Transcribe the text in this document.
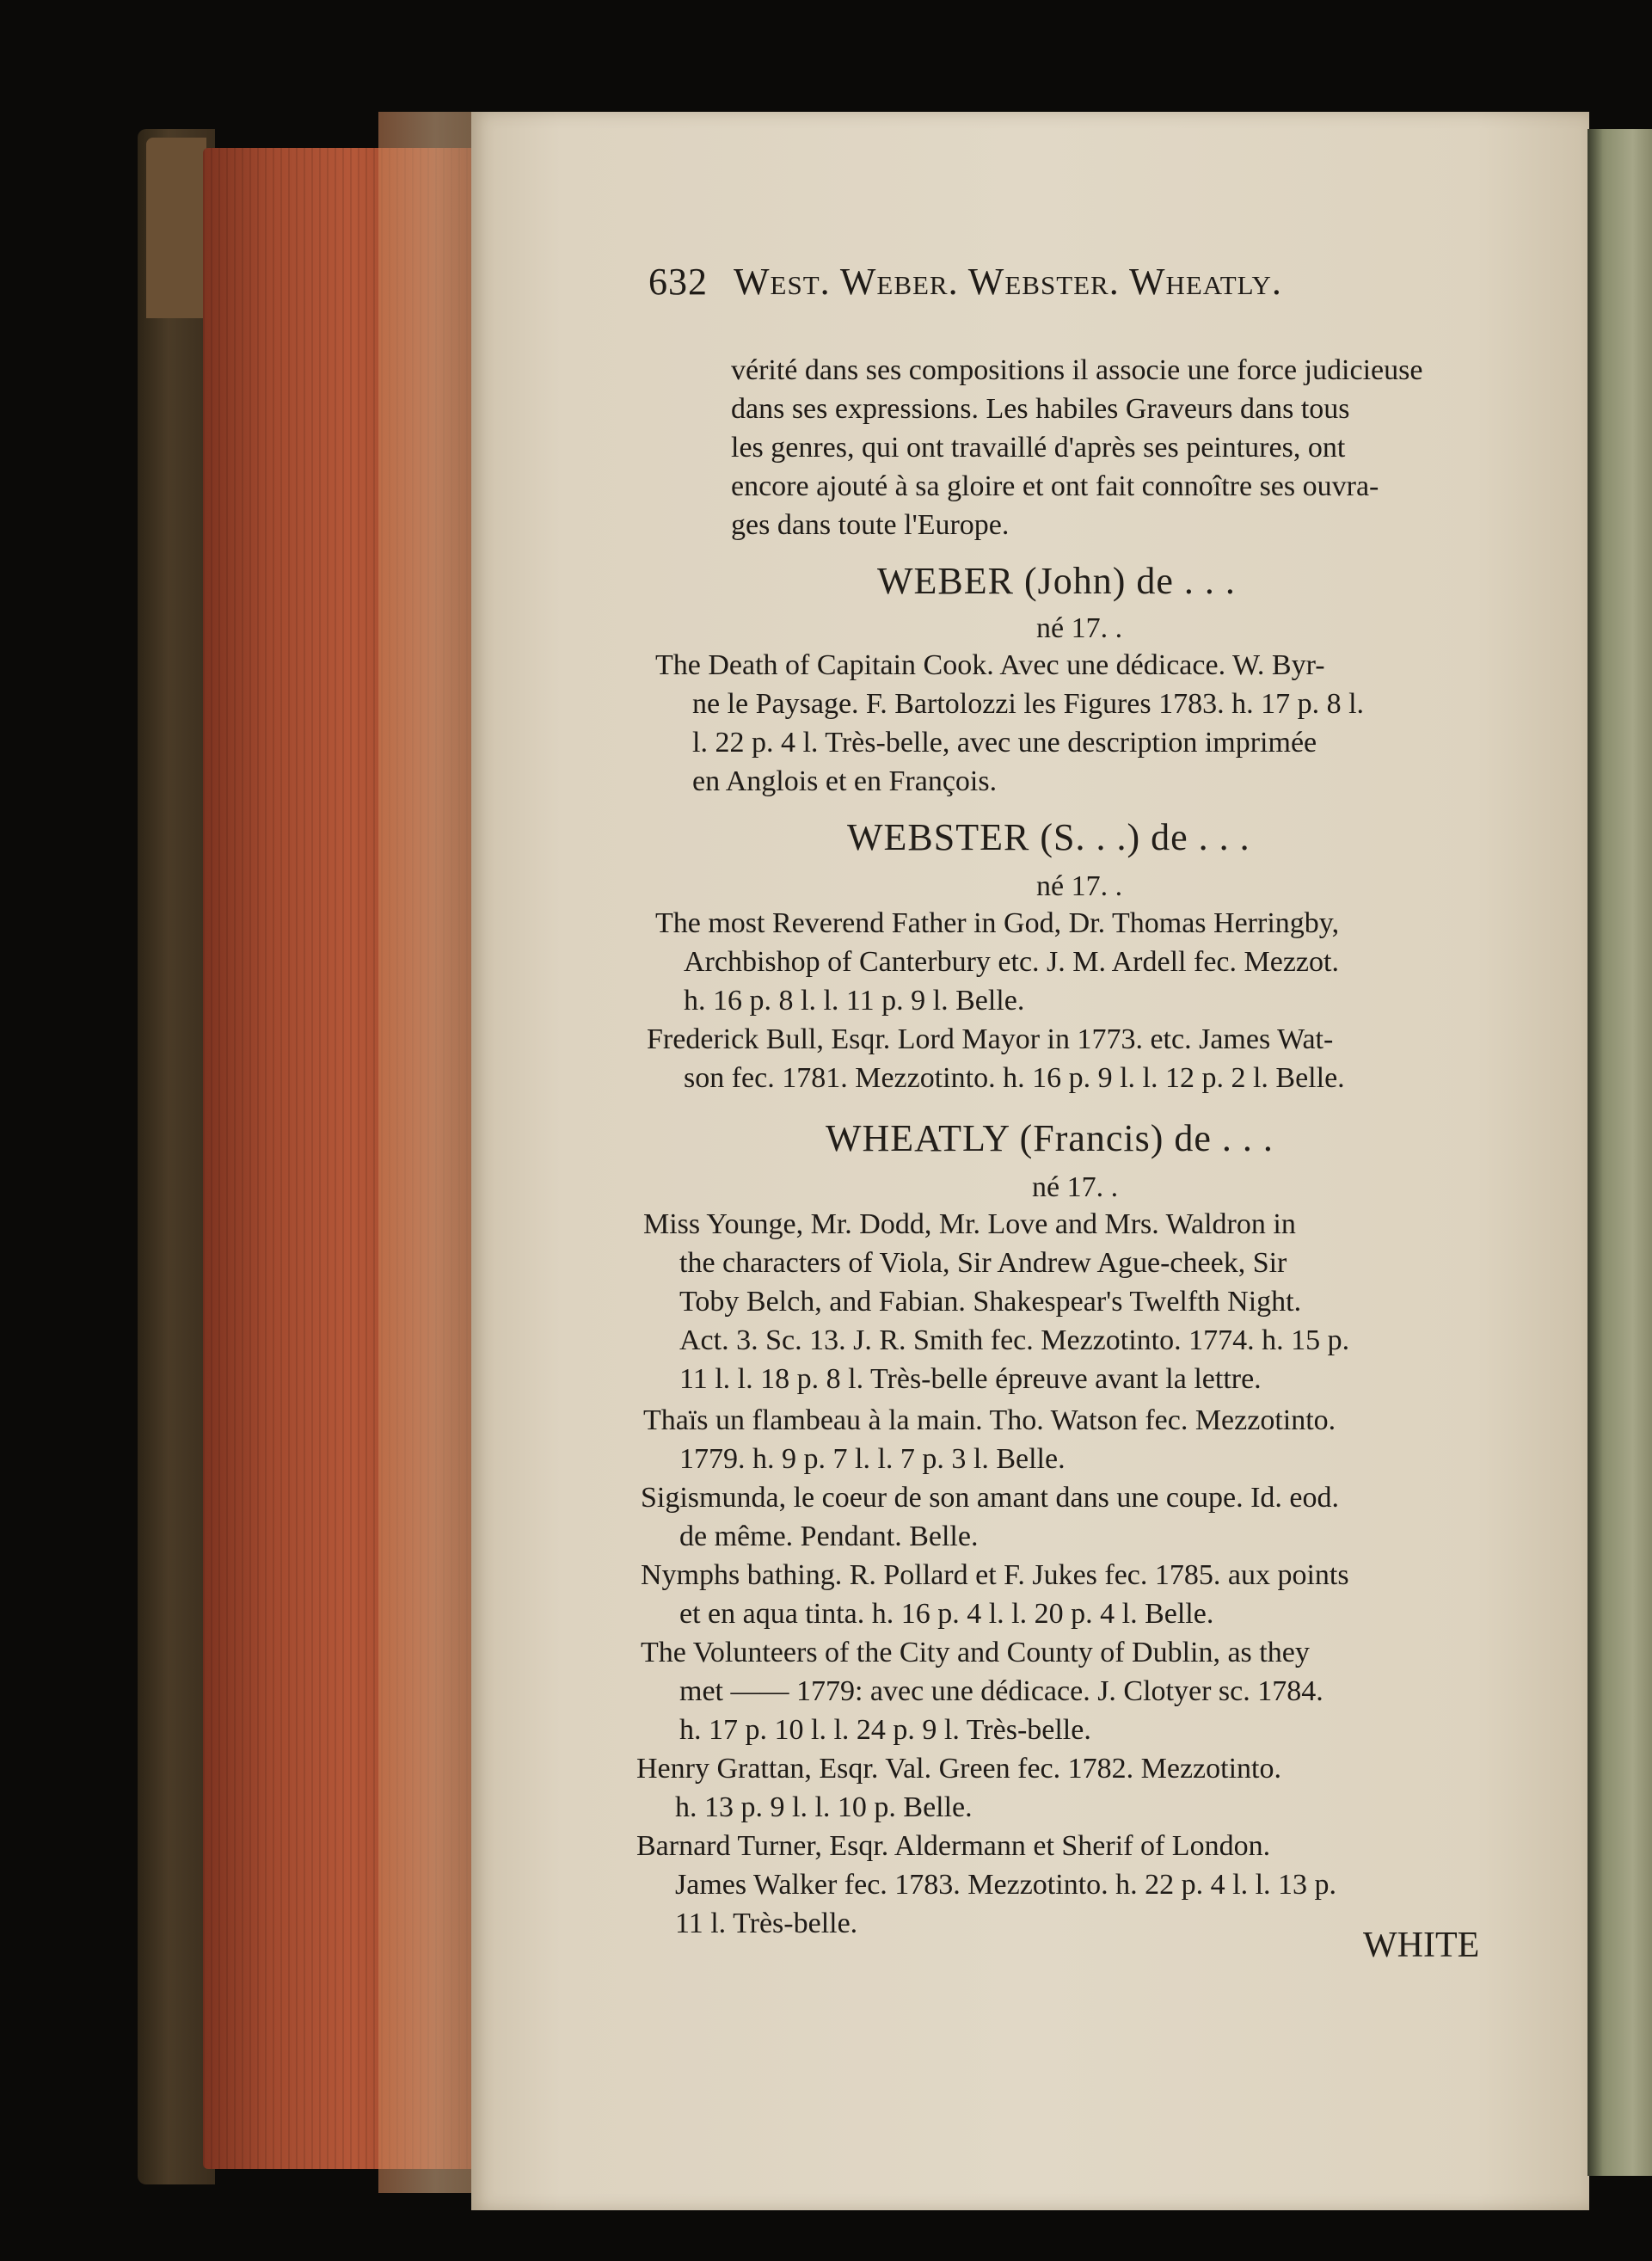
632 West. Weber. Webster. Wheatly.
vérité dans ses compositions il associe une force judicieuse
dans ses expressions. Les habiles Graveurs dans tous
les genres, qui ont travaillé d'après ses peintures, ont
encore ajouté à sa gloire et ont fait connoître ses ouvra-
ges dans toute l'Europe.
WEBER (John) de . . .
né 17. .
The Death of Capitain Cook. Avec une dédicace. W. Byr-
ne le Paysage. F. Bartolozzi les Figures 1783. h. 17 p. 8 l.
l. 22 p. 4 l. Très-belle, avec une description imprimée
en Anglois et en François.
WEBSTER (S. . .) de . . .
né 17. .
The most Reverend Father in God, Dr. Thomas Herringby,
Archbishop of Canterbury etc. J. M. Ardell fec. Mezzot.
h. 16 p. 8 l. l. 11 p. 9 l. Belle.
Frederick Bull, Esqr. Lord Mayor in 1773. etc. James Wat-
son fec. 1781. Mezzotinto. h. 16 p. 9 l. l. 12 p. 2 l. Belle.
WHEATLY (Francis) de . . .
né 17. .
Miss Younge, Mr. Dodd, Mr. Love and Mrs. Waldron in
the characters of Viola, Sir Andrew Ague-cheek, Sir
Toby Belch, and Fabian. Shakespear's Twelfth Night.
Act. 3. Sc. 13. J. R. Smith fec. Mezzotinto. 1774. h. 15 p.
11 l. l. 18 p. 8 l. Très-belle épreuve avant la lettre.
Thaïs un flambeau à la main. Tho. Watson fec. Mezzotinto.
1779. h. 9 p. 7 l. l. 7 p. 3 l. Belle.
Sigismunda, le coeur de son amant dans une coupe. Id. eod.
de même. Pendant. Belle.
Nymphs bathing. R. Pollard et F. Jukes fec. 1785. aux points
et en aqua tinta. h. 16 p. 4 l. l. 20 p. 4 l. Belle.
The Volunteers of the City and County of Dublin, as they
met —— 1779: avec une dédicace. J. Clotyer sc. 1784.
h. 17 p. 10 l. l. 24 p. 9 l. Très-belle.
Henry Grattan, Esqr. Val. Green fec. 1782. Mezzotinto.
h. 13 p. 9 l. l. 10 p. Belle.
Barnard Turner, Esqr. Aldermann et Sherif of London.
James Walker fec. 1783. Mezzotinto. h. 22 p. 4 l. l. 13 p.
11 l. Très-belle.
WHITE
